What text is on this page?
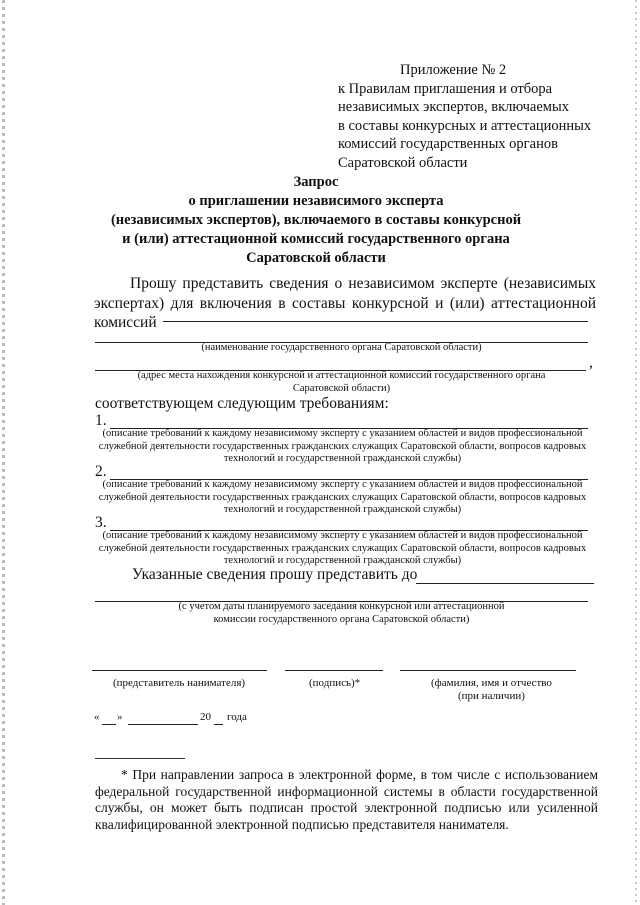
Приложение № 2
к Правилам приглашения и отбора
независимых экспертов, включаемых
в составы конкурсных и аттестационных
комиссий государственных органов
Саратовской области
Запрос
о приглашении независимого эксперта
(независимых экспертов), включаемого в составы конкурсной
и (или) аттестационной комиссий государственного органа
Саратовской области
Прошу представить сведения о независимом эксперте (независимых экспертах) для включения в составы конкурсной и (или) аттестационной комиссий
(наименование государственного органа Саратовской области)
,
(адрес места нахождения конкурсной и аттестационной комиссий государственного органа
Саратовской области)
соответствующем следующим требованиям:
1.
(описание требований к каждому независимому эксперту с указанием областей и видов профессиональной
служебной деятельности государственных гражданских служащих Саратовской области, вопросов кадровых
технологий и государственной гражданской службы)
2.
(описание требований к каждому независимому эксперту с указанием областей и видов профессиональной
служебной деятельности государственных гражданских служащих Саратовской области, вопросов кадровых
технологий и государственной гражданской службы)
3.
(описание требований к каждому независимому эксперту с указанием областей и видов профессиональной
служебной деятельности государственных гражданских служащих Саратовской области, вопросов кадровых
технологий и государственной гражданской службы)
Указанные сведения прошу представить до
(с учетом даты планируемого заседания конкурсной или аттестационной
комиссии государственного органа Саратовской области)
(представитель нанимателя)	(подпись)*	(фамилия, имя и отчество
(при наличии)
« »	20 года
* При направлении запроса в электронной форме, в том числе с использованием федеральной государственной информационной системы в области государственной службы, он может быть подписан простой электронной подписью или усиленной квалифицированной электронной подписью представителя нанимателя.
